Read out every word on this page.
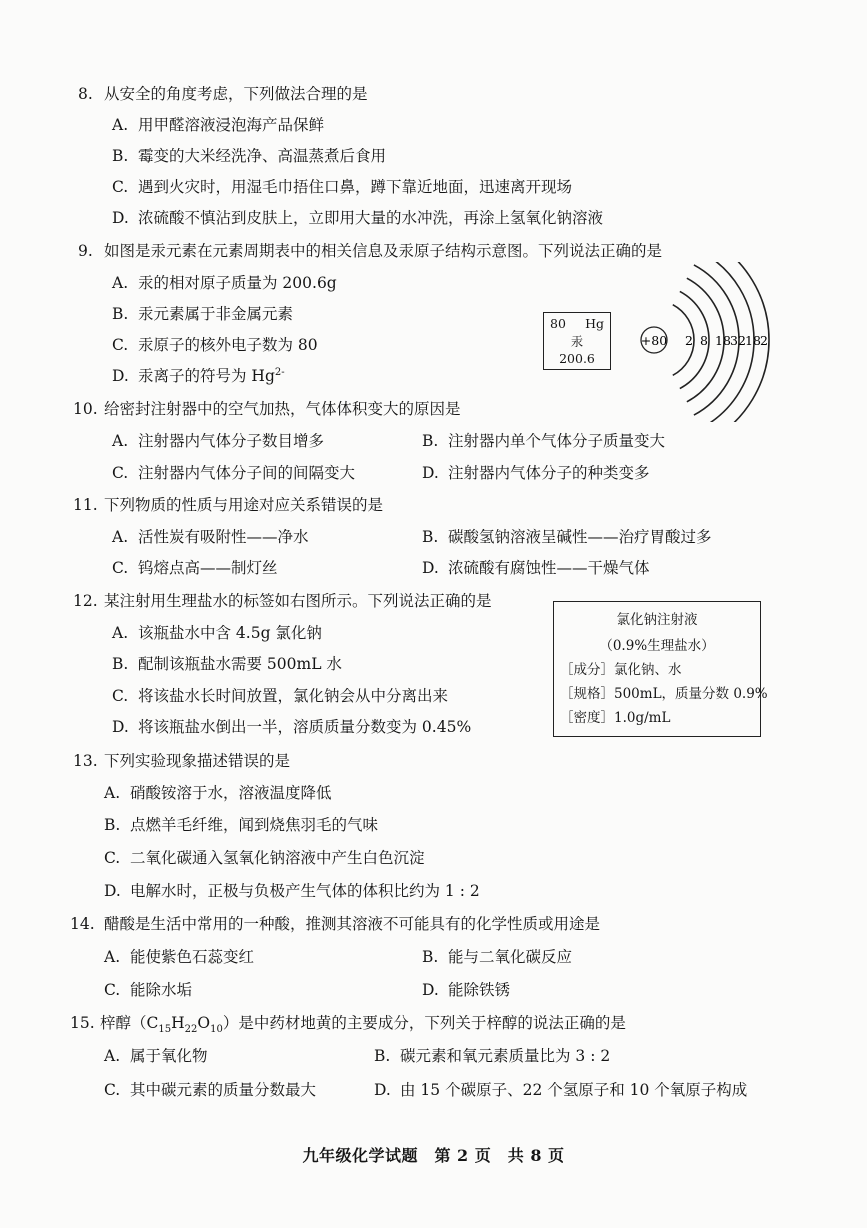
8. 从安全的角度考虑，下列做法合理的是
A. 用甲醛溶液浸泡海产品保鲜
B. 霉变的大米经洗净、高温蒸煮后食用
C. 遇到火灾时，用湿毛巾捂住口鼻，蹲下靠近地面，迅速离开现场
D. 浓硫酸不慎沾到皮肤上，立即用大量的水冲洗，再涂上氢氧化钠溶液
9. 如图是汞元素在元素周期表中的相关信息及汞原子结构示意图。下列说法正确的是
A. 汞的相对原子质量为 200.6g
B. 汞元素属于非金属元素
C. 汞原子的核外电子数为 80
D. 汞离子的符号为 $Hg^{2-}$
80 Hg
汞
200.6
+80 2 8 18 32 18 2
10. 给密封注射器中的空气加热，气体体积变大的原因是
A. 注射器内气体分子数目增多	B. 注射器内单个气体分子质量变大
C. 注射器内气体分子间的间隔变大	D. 注射器内气体分子的种类变多
11. 下列物质的性质与用途对应关系错误的是
A. 活性炭有吸附性——净水	B. 碳酸氢钠溶液呈碱性——治疗胃酸过多
C. 钨熔点高——制灯丝	D. 浓硫酸有腐蚀性——干燥气体
12. 某注射用生理盐水的标签如右图所示。下列说法正确的是
A. 该瓶盐水中含 4.5g 氯化钠
B. 配制该瓶盐水需要 500mL 水
C. 将该盐水长时间放置，氯化钠会从中分离出来
D. 将该瓶盐水倒出一半，溶质质量分数变为 0.45%
氯化钠注射液
（0.9%生理盐水）
［成分］氯化钠、水
［规格］500mL，质量分数 0.9%
［密度］1.0g/mL
13. 下列实验现象描述错误的是
A. 硝酸铵溶于水，溶液温度降低
B. 点燃羊毛纤维，闻到烧焦羽毛的气味
C. 二氧化碳通入氢氧化钠溶液中产生白色沉淀
D. 电解水时，正极与负极产生气体的体积比约为 1 : 2
14. 醋酸是生活中常用的一种酸，推测其溶液不可能具有的化学性质或用途是
A. 能使紫色石蕊变红	B. 能与二氧化碳反应
C. 能除水垢	D. 能除铁锈
15. 梓醇$(C_{15}H_{22}O_{10})$是中药材地黄的主要成分，下列关于梓醇的说法正确的是
A. 属于氧化物	B. 碳元素和氧元素质量比为 3 : 2
C. 其中碳元素的质量分数最大	D. 由 15 个碳原子、22 个氢原子和 10 个氧原子构成
九年级化学试题　第 2 页　共 8 页
